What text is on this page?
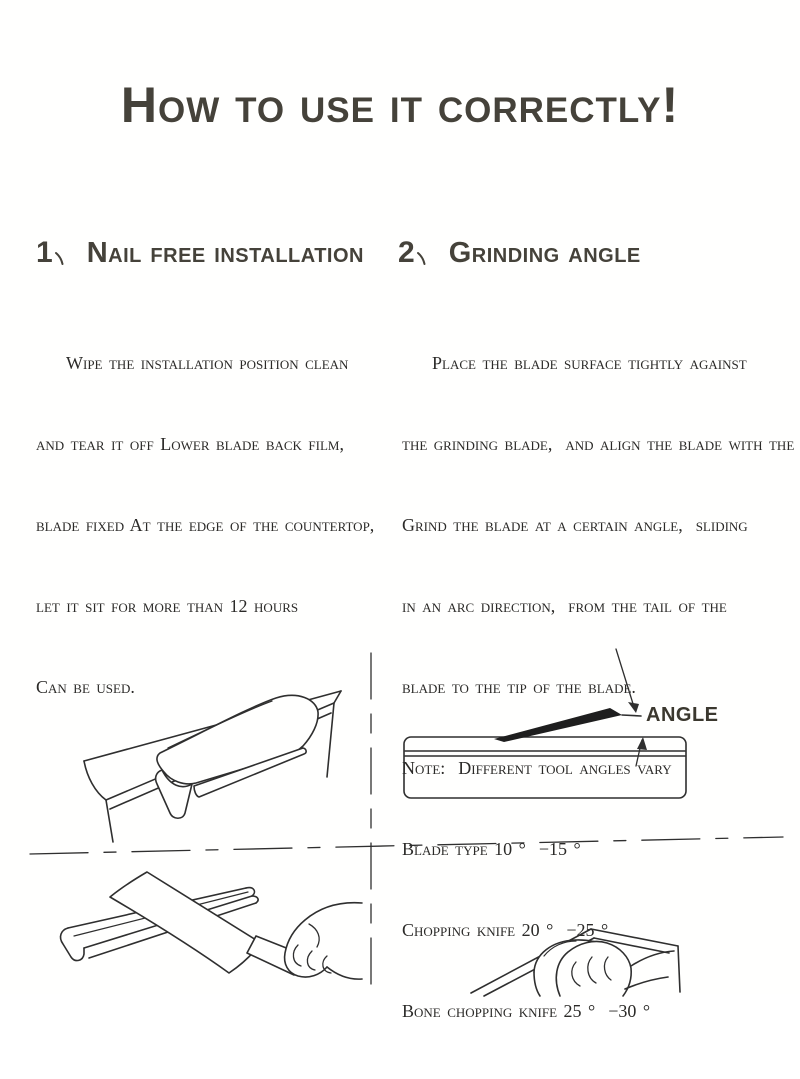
How to use it correctly!
1 Nail free installation 2 Grinding angle

Wipe the installation position clean

and tear it off Lower blade back film,

blade fixed At the edge of the countertop,

let it sit for more than 12 hours

Can be used.

Place the blade surface tightly against

the grinding blade,  and align the blade with the

Grind the blade at a certain angle,  sliding

in an arc direction,  from the tail of the

blade to the tip of the blade.

Note:  Different tool angles vary

Blade type 10 °  −15 °

Chopping knife 20 °  −25 °

Bone chopping knife 25 °  −30 °

ANGLE
